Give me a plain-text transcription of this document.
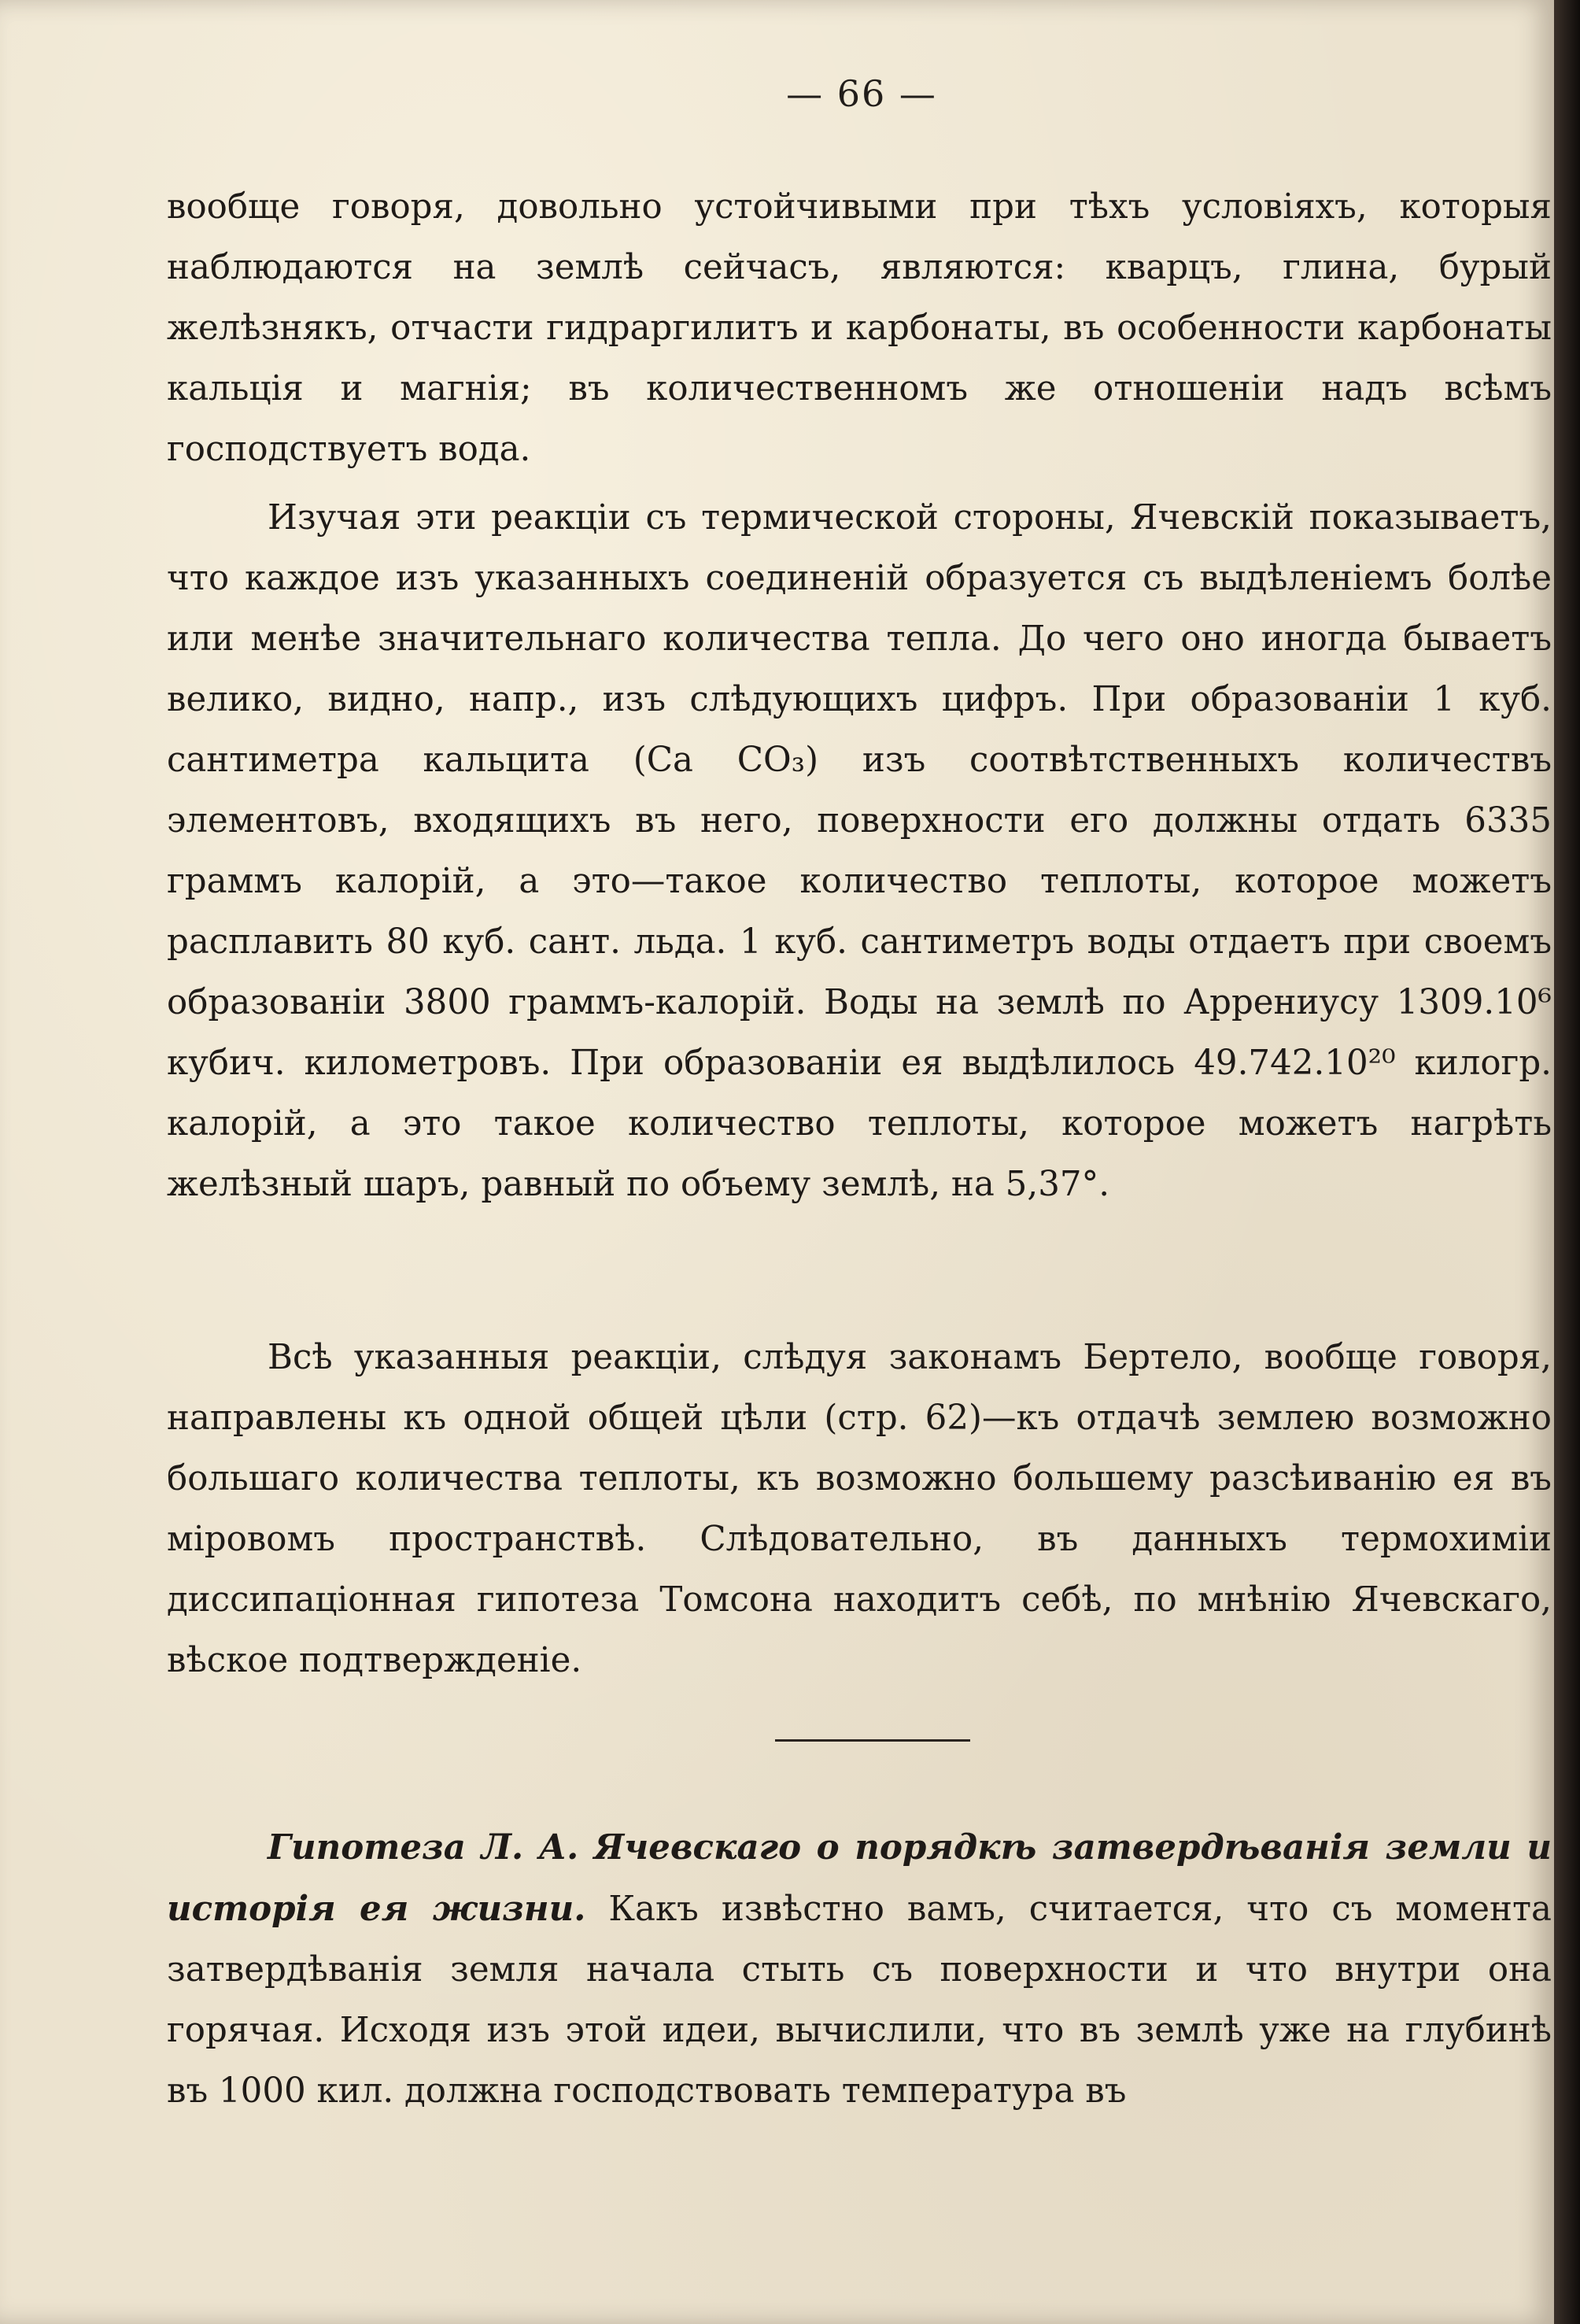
— 66 —

вообще говоря, довольно устойчивыми при тѣхъ условіяхъ, которыя наблюдаются на землѣ сейчасъ, являются: кварцъ, глина, бурый желѣзнякъ, отчасти гидраргилитъ и карбонаты, въ особенности карбонаты кальція и магнія; въ количественномъ же отношеніи надъ всѣмъ господствуетъ вода.

Изучая эти реакціи съ термической стороны, Ячевскій показываетъ, что каждое изъ указанныхъ соединеній образуется съ выдѣленіемъ болѣе или менѣе значительнаго количества тепла. До чего оно иногда бываетъ велико, видно, напр., изъ слѣдующихъ цифръ. При образованіи 1 куб. сантиметра кальцита (Ca CO₃) изъ соотвѣтственныхъ количествъ элементовъ, входящихъ въ него, поверхности его должны отдать 6335 граммъ калорій, а это—такое количество теплоты, которое можетъ расплавить 80 куб. сант. льда. 1 куб. сантиметръ воды отдаетъ при своемъ образованіи 3800 граммъ-калорій. Воды на землѣ по Аррениусу 1309.10⁶ кубич. километровъ. При образованіи ея выдѣлилось 49.742.10²⁰ килогр. калорій, а это такое количество теплоты, которое можетъ нагрѣть желѣзный шаръ, равный по объему землѣ, на 5,37°.

Всѣ указанныя реакціи, слѣдуя законамъ Бертело, вообще говоря, направлены къ одной общей цѣли (стр. 62)—къ отдачѣ землею возможно большаго количества теплоты, къ возможно большему разсѣиванію ея въ міровомъ пространствѣ. Слѣдовательно, въ данныхъ термохиміи диссипаціонная гипотеза Томсона находитъ себѣ, по мнѣнію Ячевскаго, вѣское подтвержденіе.

Гипотеза Л. А. Ячевскаго о порядкѣ затвердѣванія земли и исторія ея жизни. Какъ извѣстно вамъ, считается, что съ момента затвердѣванія земля начала стыть съ поверхности и что внутри она горячая. Исходя изъ этой идеи, вычислили, что въ землѣ уже на глубинѣ въ 1000 кил. должна господствовать температура въ
